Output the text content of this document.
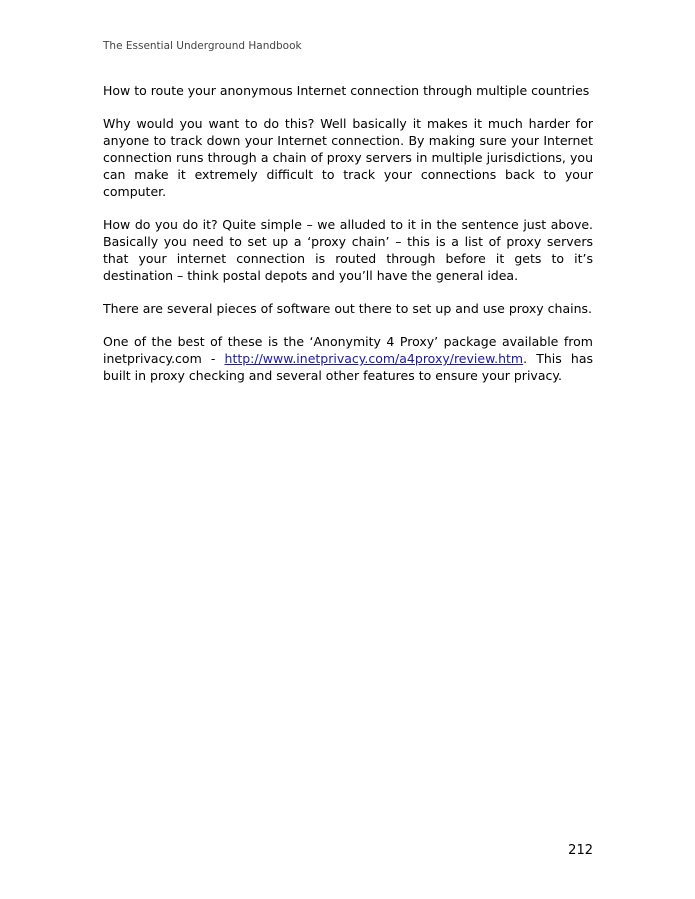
The Essential Underground Handbook

How to route your anonymous Internet connection through multiple countries

Why would you want to do this? Well basically it makes it much harder for anyone to track down your Internet connection. By making sure your Internet connection runs through a chain of proxy servers in multiple jurisdictions, you can make it extremely difficult to track your connections back to your computer.

How do you do it? Quite simple – we alluded to it in the sentence just above. Basically you need to set up a ‘proxy chain’ – this is a list of proxy servers that your internet connection is routed through before it gets to it’s destination – think postal depots and you’ll have the general idea.

There are several pieces of software out there to set up and use proxy chains.

One of the best of these is the ‘Anonymity 4 Proxy’ package available from inetprivacy.com - http://www.inetprivacy.com/a4proxy/review.htm. This has built in proxy checking and several other features to ensure your privacy.

212
